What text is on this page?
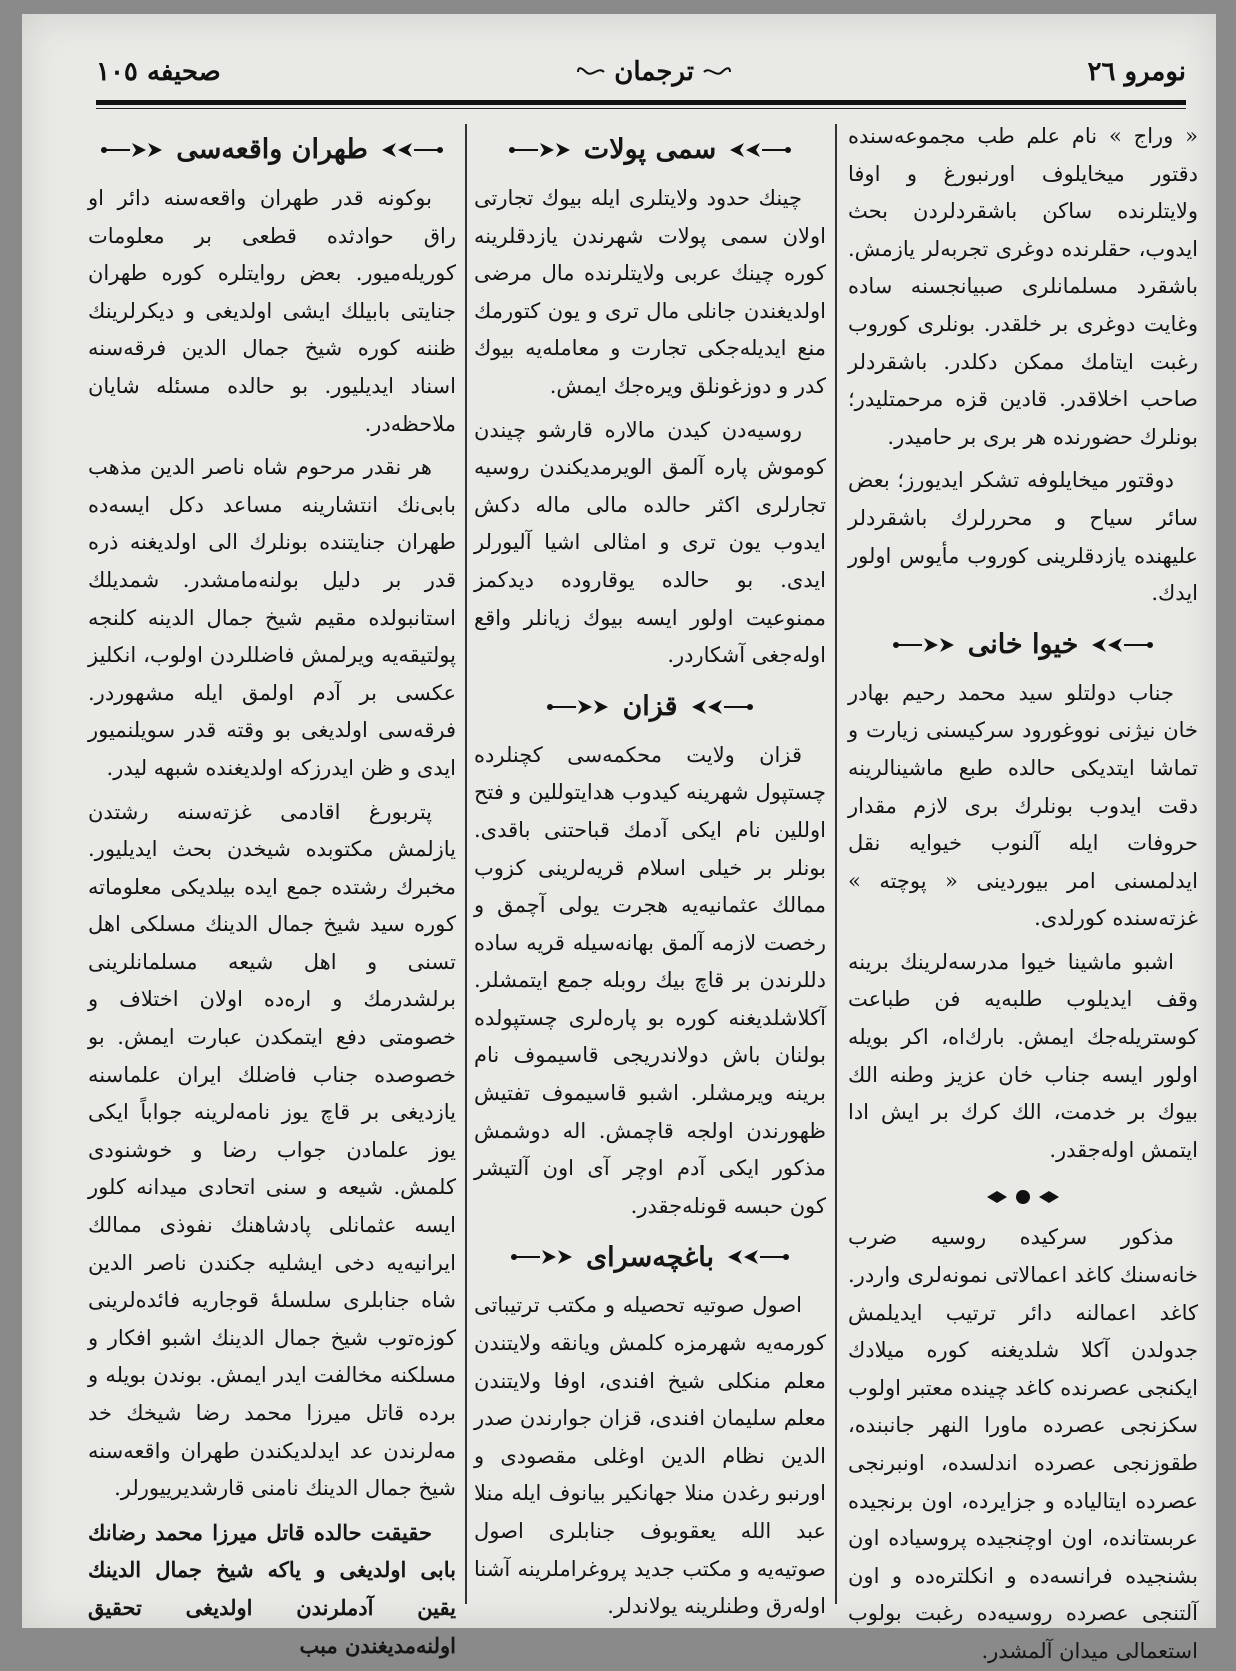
نومرو ٢٦
ترجمان
صحيفه ١٠٥

« وراج » نام علم طب مجموعه‌سنده دقتور ميخايلوف اورنبورغ و اوفا ولايتلرنده ساكن باشقردلردن بحث ايدوب، حقلرنده دوغرى تجربه‌لر يازمش. باشقرد مسلمانلرى صبيانجسنه ساده وغايت دوغرى بر خلقدر. بونلرى كوروب رغبت ايتامك ممكن دكلدر. باشقردلر صاحب اخلاقدر. قادين قزه مرحمتليدر؛ بونلرك حضورنده هر برى بر حاميدر.

دوقتور ميخايلوفه تشكر ايديورز؛ بعض سائر سياح و محررلرك باشقردلر عليهنده يازدقلرينى كوروب مأيوس اولور ايدك.

خيوا خانى

جناب دولتلو سيد محمد رحيم بهادر خان نيژنى نووغورود سركيسنى زيارت و تماشا ايتديكى حالده طبع ماشينالرينه دقت ايدوب بونلرك برى لازم مقدار حروفات ايله آلنوب خيوايه نقل ايدلمسنى امر بيوردينى « پوچته » غزته‌سنده كورلدى.

اشبو ماشينا خيوا مدرسه‌لرينك برينه وقف ايديلوب طلبه‌يه فن طباعت كوستريله‌جك ايمش. بارك‌اه، اكر بويله اولور ايسه جناب خان عزيز وطنه الك بيوك بر خدمت، الك كرك بر ايش ادا ايتمش اوله‌جقدر.

مذكور سركيده روسيه ضرب خانه‌سنك كاغد اعمالاتى نمونه‌لرى واردر. كاغد اعمالنه دائر ترتيب ايديلمش جدولدن آكلا شلديغنه كوره ميلادك ايكنجى عصرنده كاغد چينده معتبر اولوب سكزنجى عصرده ماورا النهر جانبنده، طقوزنجى عصرده اندلسده، اونبرنجى عصرده ايتاليا‌ده و جزايرده، اون برنجيده عربستانده، اون اوچنجيده پروسياده اون بشنجيده فرانسه‌ده و انكلتره‌ده و اون آلتنجى عصرده روسيه‌ده رغبت بولوب استعمالى ميدان آلمشدر.

سمى پولات

چينك حدود ولايتلرى ايله بيوك تجارتى اولان سمى پولات شهرندن يازدقلرينه كوره چينك عربى ولايتلرنده مال مرضى اولديغندن جانلى مال ترى و يون كتورمك منع ايديله‌جكى تجارت و معامله‌يه بيوك كدر و دوزغونلق ويره‌جك ايمش.

روسيه‌دن كيدن مالاره قارشو چيندن كوموش پاره آلمق الويرمديكندن روسيه تجارلرى اكثر حالده مالى ماله دكش ايدوب يون ترى و امثالى اشيا آليورلر ايدى. بو حالده يوقاروده ديدكمز ممنوعيت اولور ايسه بيوك زيانلر واقع اوله‌جغى آشكاردر.

قزان

قزان ولايت محكمه‌سى كچنلرده چستپول شهرينه كيدوب هدايتوللين و فتح اوللين نام ايكى آدمك قباحتنى باقدى. بونلر بر خيلى اسلام قريه‌لرينى كزوب ممالك عثمانيه‌يه هجرت يولى آچمق و رخصت لازمه آلمق بهانه‌سيله قريه ساده دللرندن بر قاچ بيك روبله جمع ايتمشلر. آكلاشلديغنه كوره بو پاره‌لرى چستپولده بولنان باش دولاندريجى قاسيموف نام برينه ويرمشلر. اشبو قاسيموف تفتيش ظهورندن اولجه قاچمش. اله دوشمش مذكور ايكى آدم اوچر آى اون آلتيشر كون حبسه قونله‌جقدر.

باغچه‌سراى

اصول صوتيه تحصيله و مكتب ترتيباتى كورمه‌يه شهرمزه كلمش ويانقه ولايتندن معلم منكلى شيخ افندى، اوفا ولايتندن معلم سليمان افندى، قزان جوارندن صدر الدين نظام الدين اوغلى مقصودى و اورنبو رغدن منلا جهانكير بيانوف ايله منلا عبد الله يعقوبوف جنابلرى اصول صوتيه‌يه و مكتب جديد پروغراملرينه آشنا اوله‌رق وطنلرينه يولاندلر.

طهران واقعه‌سى

بوكونه قدر طهران واقعه‌سنه دائر او راق حوادثده قطعى بر معلومات كوريله‌ميور. بعض روايتلره كوره طهران جنايتى بابيلك ايشى اولديغى و ديكرلرينك ظننه كوره شيخ جمال الدين فرقه‌سنه اسناد ايديليور. بو حالده مسئله شايان ملاحظه‌در.

هر نقدر مرحوم شاه ناصر الدين مذهب بابى‌نك انتشارينه مساعد دكل ايسه‌ده طهران جنايتنده بونلرك الى اولديغنه ذره قدر بر دليل بولنه‌مامشدر. شمديلك استانبولده مقيم شيخ جمال الدينه كلنجه پولتيقه‌يه ويرلمش فاضللردن اولوب، انكليز عكسى بر آدم اولمق ايله مشهوردر. فرقه‌سى اولديغى بو وقته قدر سويلنميور ايدى و ظن ايدرزكه اولديغنده شبهه ليدر.

پتربورغ اقادمى غزته‌سنه رشتدن يازلمش مكتوبده شيخدن بحث ايديليور. مخبرك رشتده جمع ايده بيلديكى معلوماته كوره سيد شيخ جمال الدينك مسلكى اهل تسنى و اهل شيعه مسلمانلرينى برلشدرمك و اره‌ده اولان اختلاف و خصومتى دفع ايتمكدن عبارت ايمش. بو خصوصده جناب فاضلك ايران علماسنه يازديغى بر قاچ يوز نامه‌لرينه جواباً ايكى يوز علمادن جواب رضا و خوشنودى كلمش. شيعه و سنى اتحادى ميدانه كلور ايسه عثمانلى پادشاهنك نفوذى ممالك ايرانيه‌يه دخى ايشليه جكندن ناصر الدين شاه جنابلرى سلسلهٔ قوجاريه فائده‌لرينى كوزه‌توب شيخ جمال الدينك اشبو افكار و مسلكنه مخالفت ايدر ايمش. بوندن بويله و برده قاتل ميرزا محمد رضا شيخك خد مه‌لرندن عد ايدلديكندن طهران واقعه‌سنه شيخ جمال الدينك نامنى قارشديرييورلر.

حقيقت حالده قاتل ميرزا محمد رضانك بابى اولديغى و ياكه شيخ جمال الدينك يقين آدملرندن اولديغى تحقيق اولنه‌مديغندن مبب
